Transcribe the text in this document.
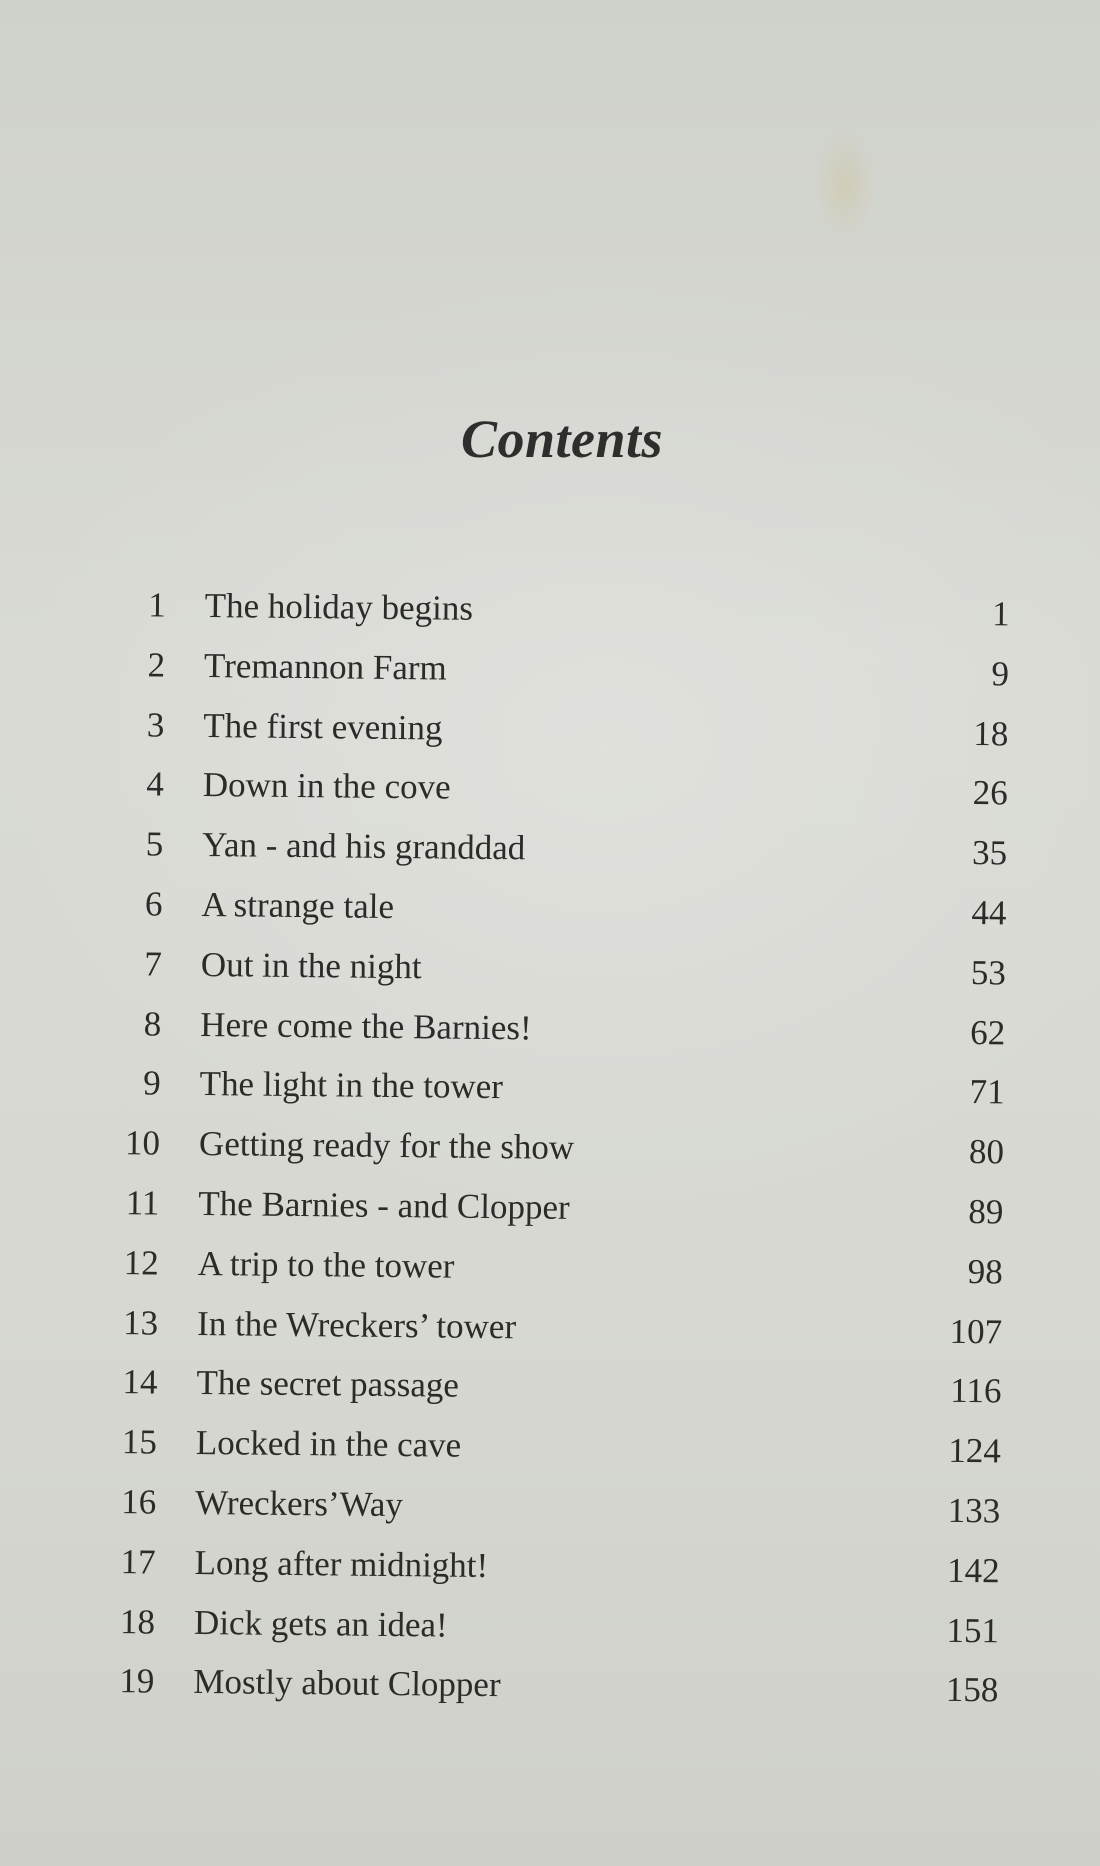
Contents
1 The holiday begins	1
2 Tremannon Farm	9
3 The first evening	18
4 Down in the cove	26
5 Yan - and his granddad	35
6 A strange tale	44
7 Out in the night	53
8 Here come the Barnies!	62
9 The light in the tower	71
10 Getting ready for the show	80
11 The Barnies - and Clopper	89
12 A trip to the tower	98
13 In the Wreckers’ tower	107
14 The secret passage	116
15 Locked in the cave	124
16 Wreckers’Way	133
17 Long after midnight!	142
18 Dick gets an idea!	151
19 Mostly about Clopper	158
